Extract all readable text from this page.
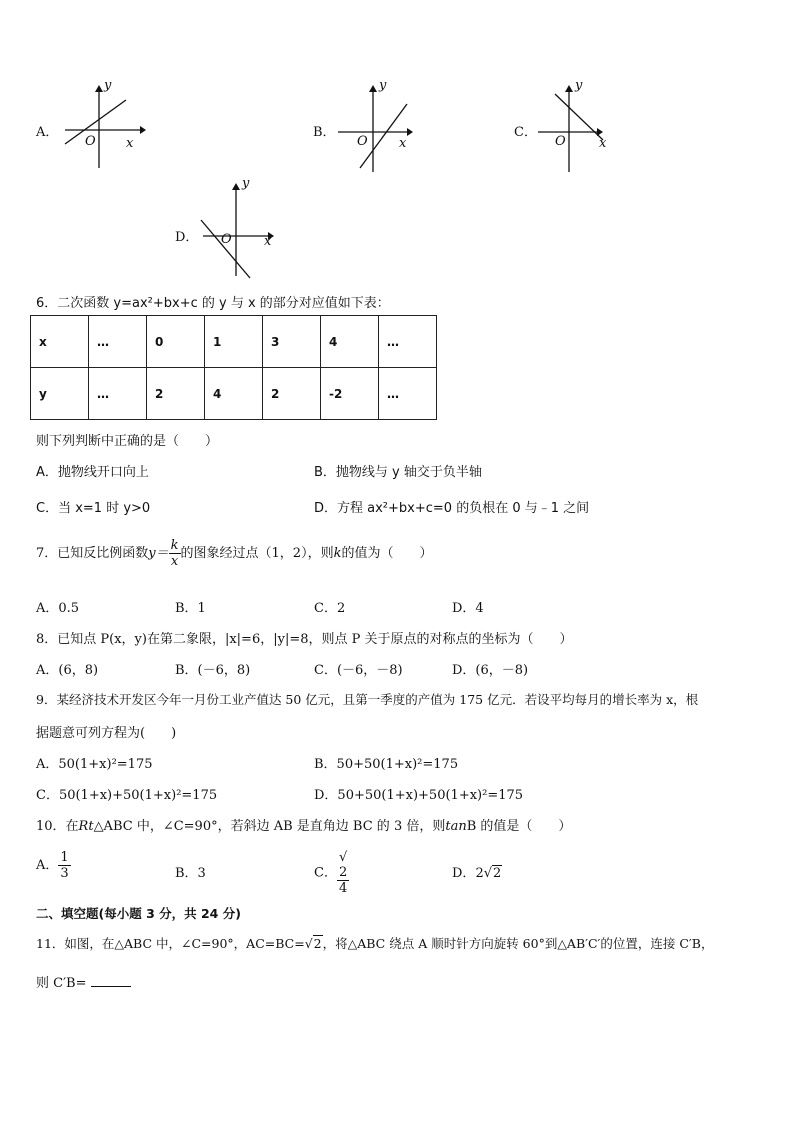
A．
y
x
O
B．
y
x
O
C．
y
x
O
D．
y
x
O
6．二次函数 y=ax²+bx+c 的 y 与 x 的部分对应值如下表：
x	…	0	1	3	4	…
y	…	2	4	2	-2	…
则下列判断中正确的是（　　）
A．抛物线开口向上	B．抛物线与 y 轴交于负半轴
C．当 x=1 时 y>0	D．方程 ax²+bx+c=0 的负根在 0 与﹣1 之间
7．已知反比例函数$y= \frac{k}{x}$ 的图象经过点（1，2），则k的值为（　　）
A．0.5	B．1	C．2	D．4
8．已知点 P(x，y)在第二象限，|x|=6，|y|=8，则点 P 关于原点的对称点的坐标为（　　）
A．(6，8)	B．(－6，8)	C．(－6，－8)	D．(6，－8)
9．某经济技术开发区今年一月份工业产值达 50 亿元，且第一季度的产值为 175 亿元．若设平均每月的增长率为 x，根
据题意可列方程为(　　)
A．50(1+x)²=175	B．50+50(1+x)²=175
C．50(1+x)+50(1+x)²=175	D．50+50(1+x)+50(1+x)²=175
10．在Rt△ABC 中，∠C=90°，若斜边 AB 是直角边 BC 的 3 倍，则tanB 的值是（　　）
A． $\frac{1}{3}$	B．3	C． √
2
4	D．2√2
二、填空题(每小题 3 分，共 24 分)
11．如图，在△ABC 中，∠C=90°，AC=BC=√2，将△ABC 绕点 A 顺时针方向旋转 60°到△AB′C′的位置，连接 C′B，
则 C′B=
